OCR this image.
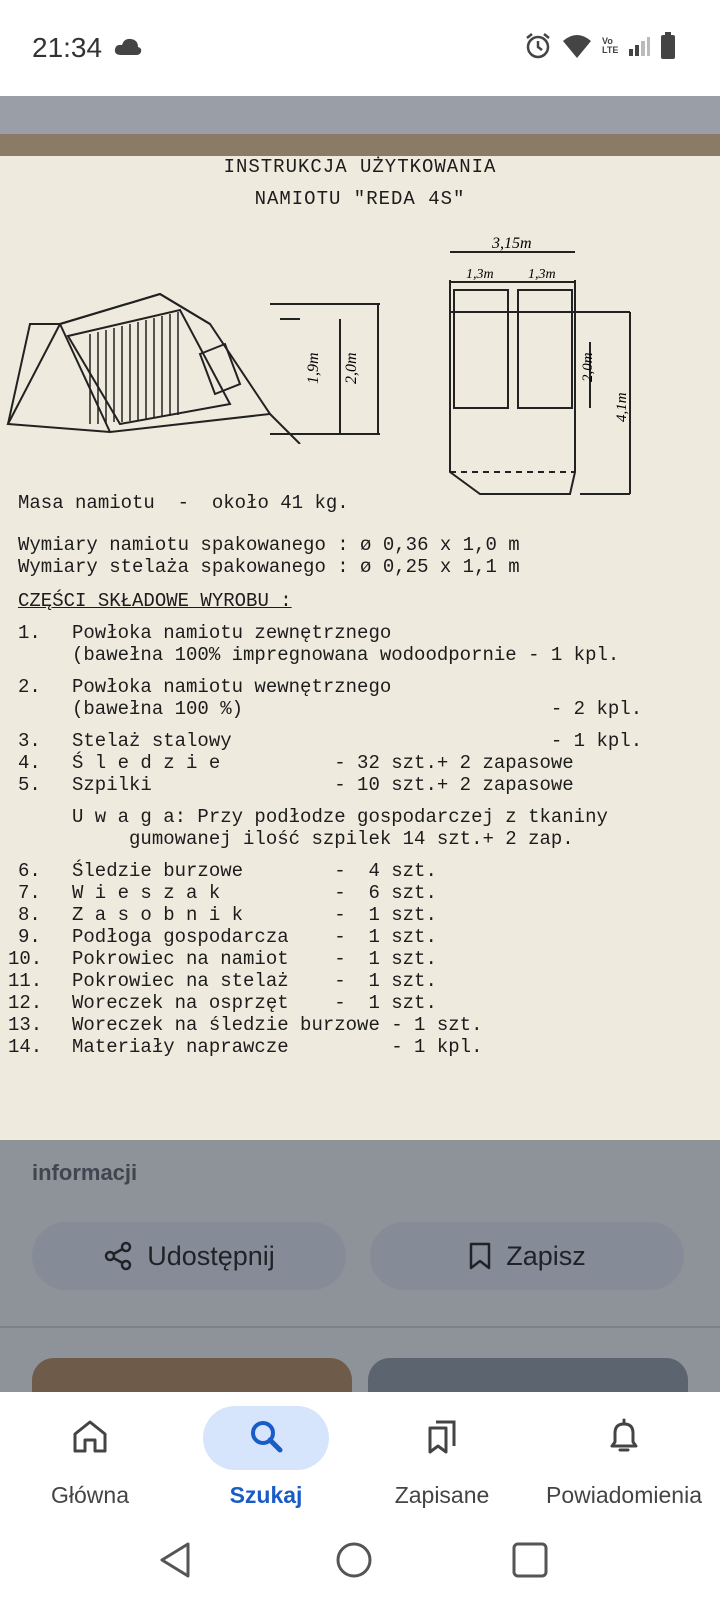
21:34	Vo LTE
informacji
Udostępnij	Zapisz
INSTRUKCJA UŻYTKOWANIA
NAMIOTU "REDA 4S"
1,9m 2,0m
3,15m
1,3m 1,3m
2,0m
4,1m
Masa namiotu  -  około 41 kg.
Wymiary namiotu spakowanego : ø 0,36 x 1,0 m
Wymiary stelaża spakowanego : ø 0,25 x 1,1 m
CZĘŚCI SKŁADOWE WYROBU :
1. Powłoka namiotu zewnętrznego
(bawełna 100% impregnowana wodoodpornie - 1 kpl.
2. Powłoka namiotu wewnętrznego
(bawełna 100 %)                           - 2 kpl.
3. Stelaż stalowy                            - 1 kpl.
4. Ś l e d z i e          - 32 szt.+ 2 zapasowe
5. Szpilki                - 10 szt.+ 2 zapasowe
U w a g a: Przy podłodze gospodarczej z tkaniny
gumowanej ilość szpilek 14 szt.+ 2 zap.
6. Śledzie burzowe        -  4 szt.
7. W i e s z a k          -  6 szt.
8. Z a s o b n i k        -  1 szt.
9. Podłoga gospodarcza    -  1 szt.
10. Pokrowiec na namiot    -  1 szt.
11. Pokrowiec na stelaż    -  1 szt.
12. Woreczek na osprzęt    -  1 szt.
13. Woreczek na śledzie burzowe - 1 szt.
14. Materiały naprawcze         - 1 kpl.
Główna	Szukaj	Zapisane	Powiadomienia
